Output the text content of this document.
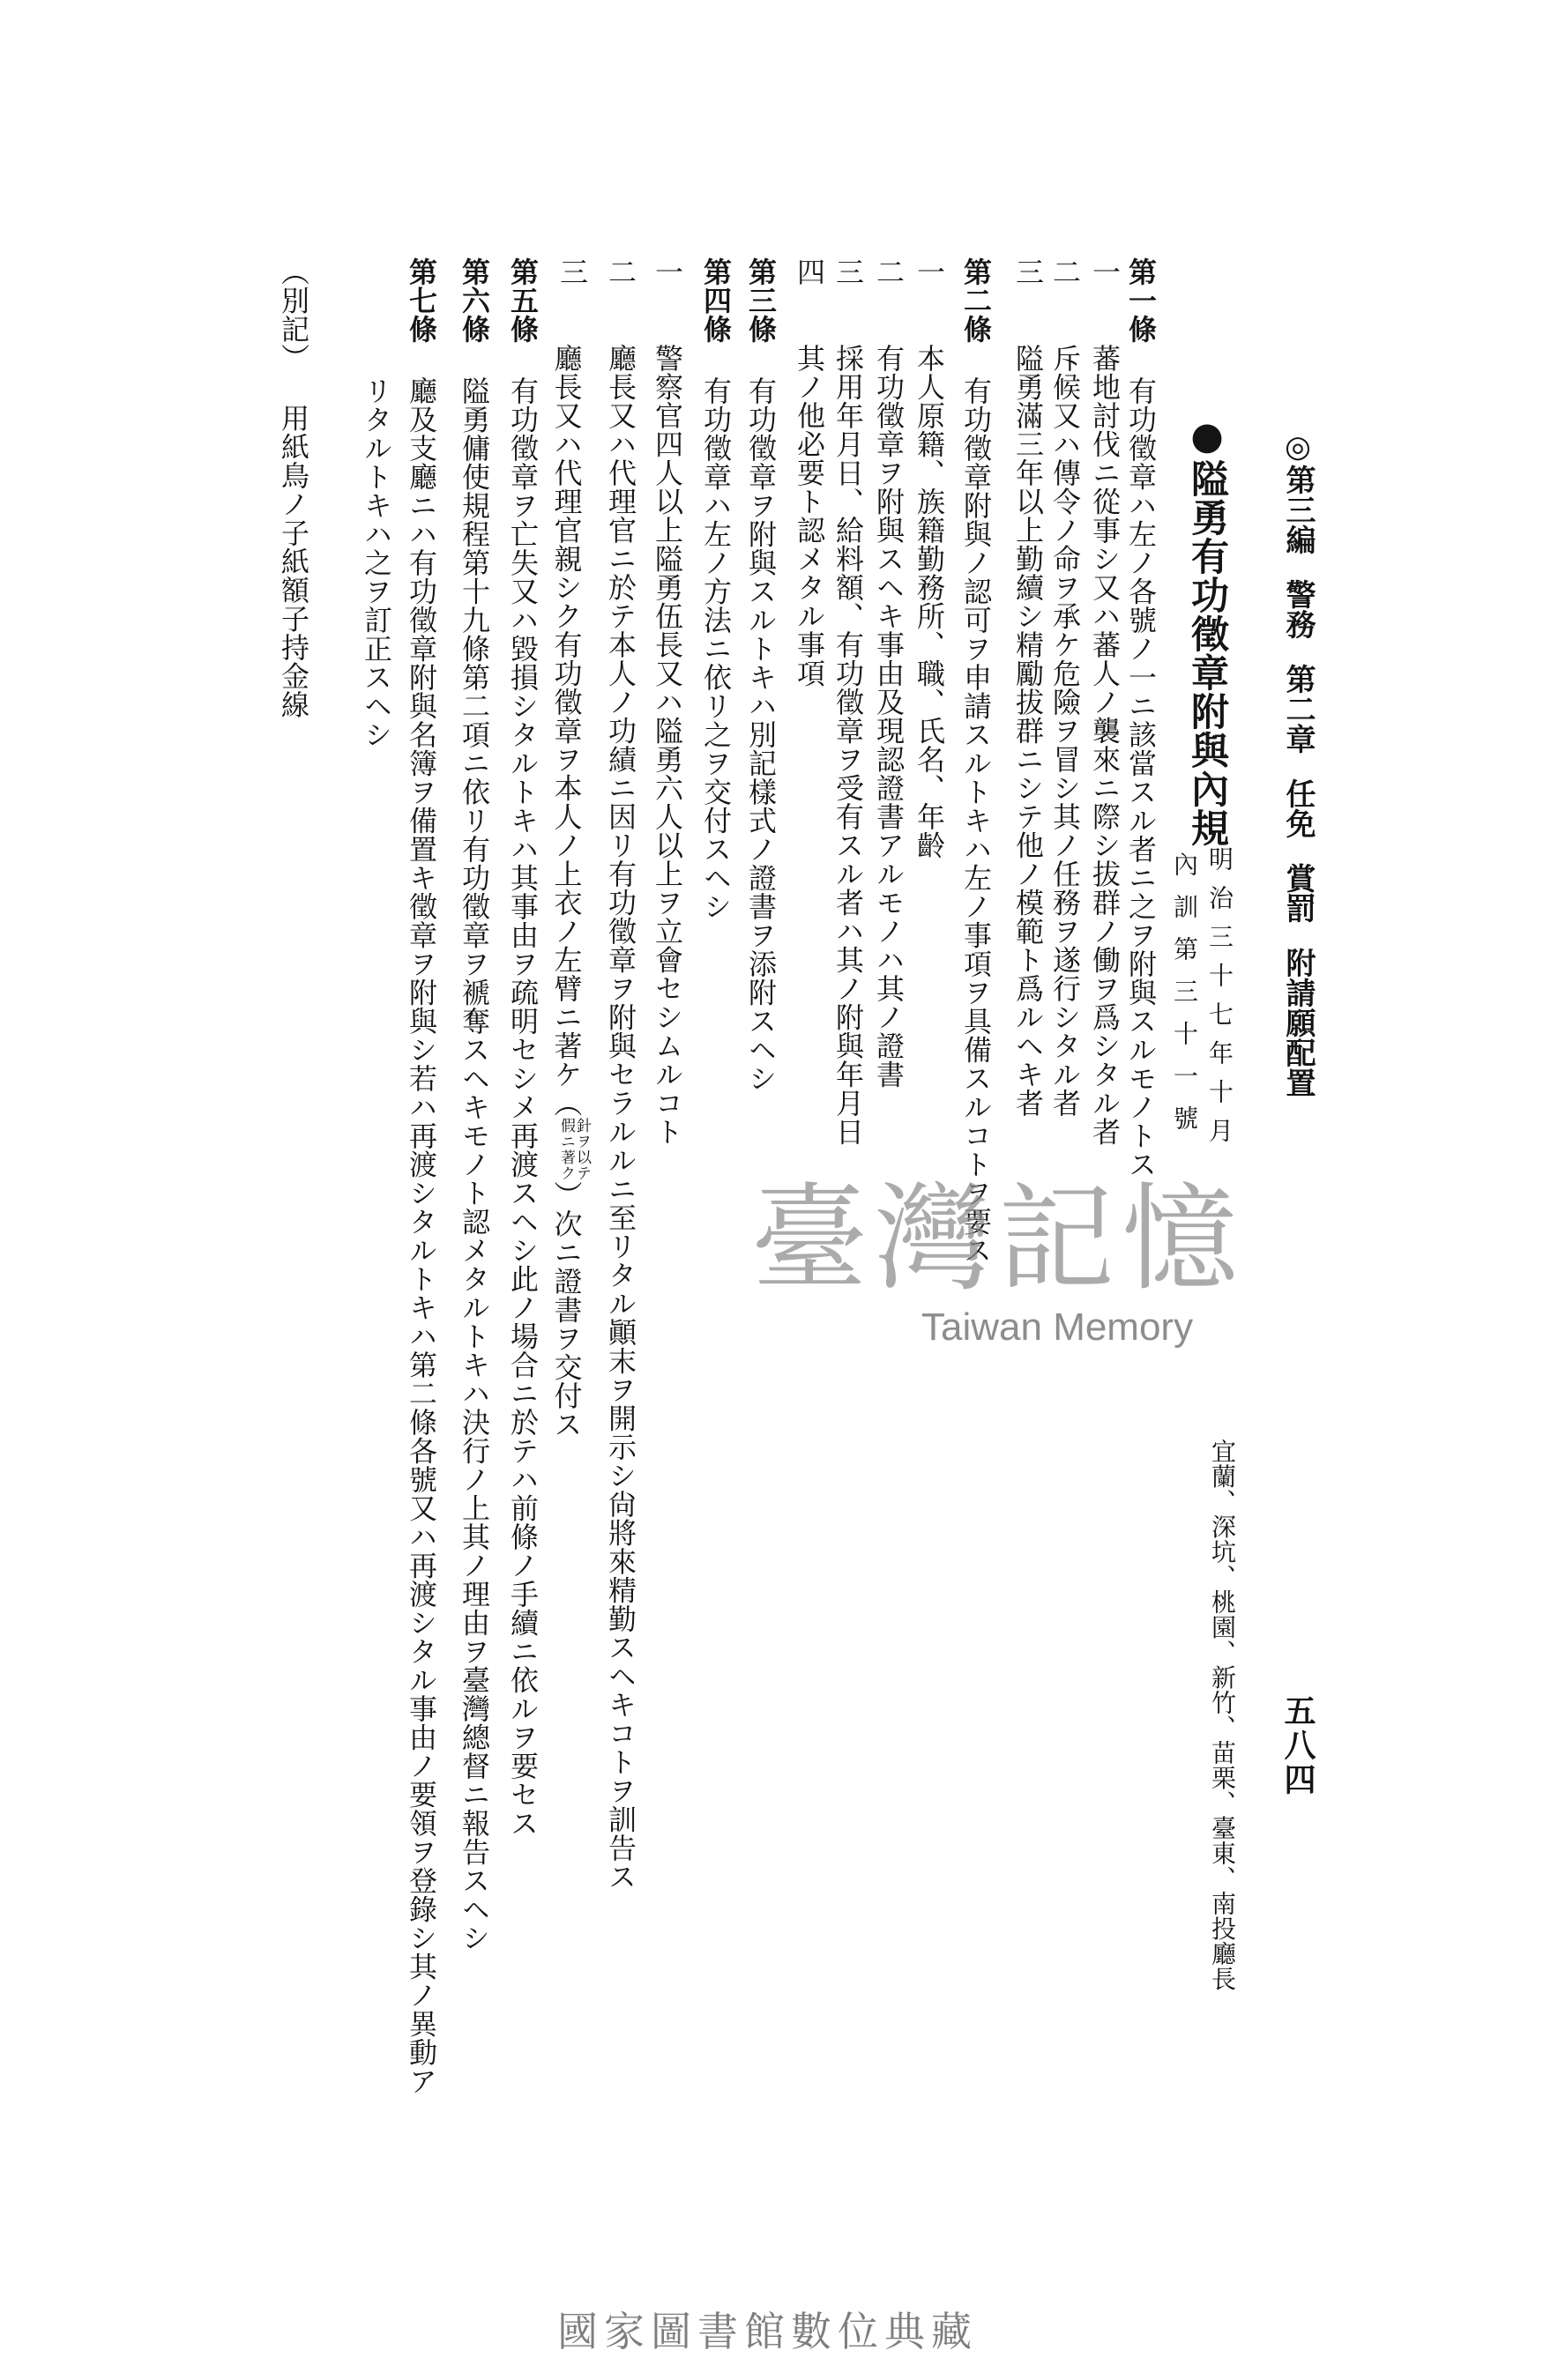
◎第三編警務第二章任免賞罰附請願配置
五八四
●隘勇有功徵章附與內規
明治三十七年十月
內訓第三十一號
宜蘭、深坑、桃園、新竹、苗栗、臺東、南投廳長
第一條
有功徵章ハ左ノ各號ノ一ニ該當スル者ニ之ヲ附與スルモノトス
一
蕃地討伐ニ從事シ又ハ蕃人ノ襲來ニ際シ拔群ノ働ヲ爲シタル者
二
斥候又ハ傳令ノ命ヲ承ケ危險ヲ冒シ其ノ任務ヲ遂行シタル者
三
隘勇滿三年以上勤續シ精勵拔群ニシテ他ノ模範ト爲ルヘキ者
第二條
有功徵章附與ノ認可ヲ申請スルトキハ左ノ事項ヲ具備スルコトヲ要ス
一
本人原籍、族籍勤務所、職、氏名、年齡
二
有功徵章ヲ附與スヘキ事由及現認證書アルモノハ其ノ證書
三
採用年月日、給料額、有功徵章ヲ受有スル者ハ其ノ附與年月日
四
其ノ他必要ト認メタル事項
第三條
有功徵章ヲ附與スルトキハ別記樣式ノ證書ヲ添附スヘシ
第四條
有功徵章ハ左ノ方法ニ依リ之ヲ交付スヘシ
一
警察官四人以上隘勇伍長又ハ隘勇六人以上ヲ立會セシムルコト
二
廳長又ハ代理官ニ於テ本人ノ功績ニ因リ有功徵章ヲ附與セラルルニ至リタル顚末ヲ開示シ尙將來精勤スヘキコトヲ訓告ス
三
廳長又ハ代理官親シク有功徵章ヲ本人ノ上衣ノ左臂ニ著ケ（
針ヲ以テ
假ニ著ク
）次ニ證書ヲ交付ス
第五條
有功徵章ヲ亡失又ハ毀損シタルトキハ其事由ヲ疏明セシメ再渡スヘシ此ノ場合ニ於テハ前條ノ手續ニ依ルヲ要セス
第六條
隘勇傭使規程第十九條第二項ニ依リ有功徵章ヲ褫奪スヘキモノト認メタルトキハ決行ノ上其ノ理由ヲ臺灣總督ニ報告スヘシ
第七條
廳及支廳ニハ有功徵章附與名簿ヲ備置キ徵章ヲ附與シ若ハ再渡シタルトキハ第二條各號又ハ再渡シタル事由ノ要領ヲ登錄シ其ノ異動ア
リタルトキハ之ヲ訂正スヘシ
（別記）
用紙鳥ノ子紙額子持金線
臺灣記憶
Taiwan Memory
國家圖書館數位典藏
